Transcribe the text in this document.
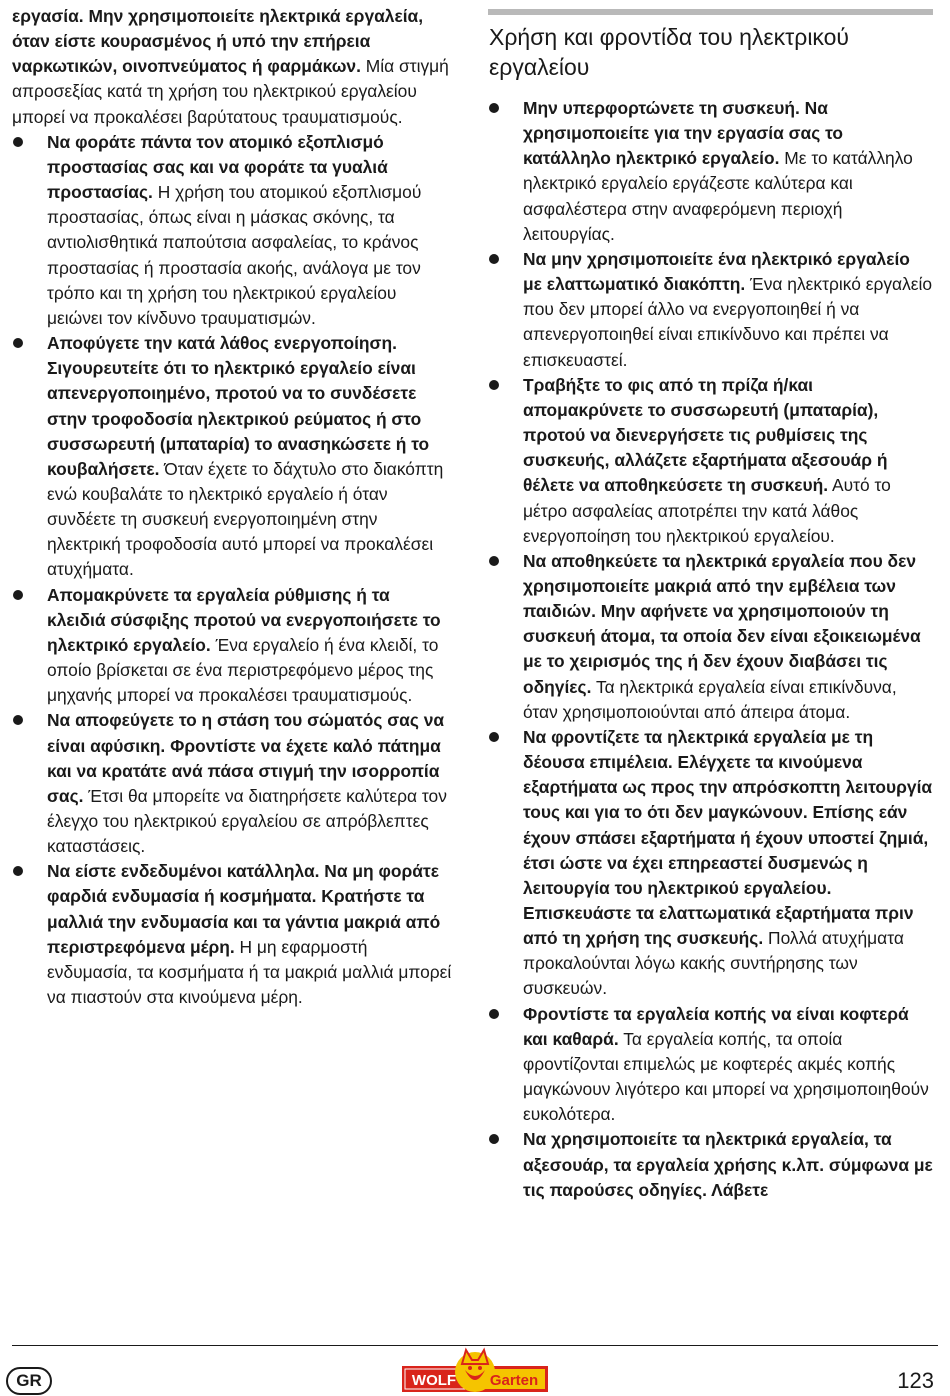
εργασία. Μην χρησιμοποιείτε ηλεκτρικά εργαλεία, όταν είστε κουρασμένος ή υπό την επήρεια ναρκωτικών, οινοπνεύματος ή φαρμάκων. Μία στιγμή απροσεξίας κατά τη χρήση του ηλεκτρικού εργαλείου μπορεί να προκαλέσει βαρύτατους τραυματισμούς.
Να φοράτε πάντα τον ατομικό εξοπλισμό προστασίας σας και να φοράτε τα γυαλιά προστασίας. Η χρήση του ατομικού εξοπλισμού προστασίας, όπως είναι η μάσκας σκόνης, τα αντιολισθητικά παπούτσια ασφαλείας, το κράνος προστασίας ή προστασία ακοής, ανάλογα με τον τρόπο και τη χρήση του ηλεκτρικού εργαλείου μειώνει τον κίνδυνο τραυματισμών.
Αποφύγετε την κατά λάθος ενεργοποίηση. Σιγουρευτείτε ότι το ηλεκτρικό εργαλείο είναι απενεργοποιημένο, προτού να το συνδέσετε στην τροφοδοσία ηλεκτρικού ρεύματος ή στο συσσωρευτή (μπαταρία) το ανασηκώσετε ή το κουβαλήσετε. Όταν έχετε το δάχτυλο στο διακόπτη ενώ κουβαλάτε το ηλεκτρικό εργαλείο ή όταν συνδέετε τη συσκευή ενεργοποιημένη στην ηλεκτρική τροφοδοσία αυτό μπορεί να προκαλέσει ατυχήματα.
Απομακρύνετε τα εργαλεία ρύθμισης ή τα κλειδιά σύσφιξης προτού να ενεργοποιήσετε το ηλεκτρικό εργαλείο. Ένα εργαλείο ή ένα κλειδί, το οποίο βρίσκεται σε ένα περιστρεφόμενο μέρος της μηχανής μπορεί να προκαλέσει τραυματισμούς.
Να αποφεύγετε το η στάση του σώματός σας να είναι αφύσικη. Φροντίστε να έχετε καλό πάτημα και να κρατάτε ανά πάσα στιγμή την ισορροπία σας. Έτσι θα μπορείτε να διατηρήσετε καλύτερα τον έλεγχο του ηλεκτρικού εργαλείου σε απρόβλεπτες καταστάσεις.
Να είστε ενδεδυμένοι κατάλληλα. Να μη φοράτε φαρδιά ενδυμασία ή κοσμήματα. Κρατήστε τα μαλλιά την ενδυμασία και τα γάντια μακριά από περιστρεφόμενα μέρη. Η μη εφαρμοστή ενδυμασία, τα κοσμήματα ή τα μακριά μαλλιά μπορεί να πιαστούν στα κινούμενα μέρη.
Χρήση και φροντίδα του ηλεκτρικού εργαλείου
Μην υπερφορτώνετε τη συσκευή. Να χρησιμοποιείτε για την εργασία σας το κατάλληλο ηλεκτρικό εργαλείο. Με το κατάλληλο ηλεκτρικό εργαλείο εργάζεστε καλύτερα και ασφαλέστερα στην αναφερόμενη περιοχή λειτουργίας.
Να μην χρησιμοποιείτε ένα ηλεκτρικό εργαλείο με ελαττωματικό διακόπτη. Ένα ηλεκτρικό εργαλείο που δεν μπορεί άλλο να ενεργοποιηθεί ή να απενεργοποιηθεί είναι επικίνδυνο και πρέπει να επισκευαστεί.
Τραβήξτε το φις από τη πρίζα ή/και απομακρύνετε το συσσωρευτή (μπαταρία), προτού να διενεργήσετε τις ρυθμίσεις της συσκευής, αλλάζετε εξαρτήματα αξεσουάρ ή θέλετε να αποθηκεύσετε τη συσκευή. Αυτό το μέτρο ασφαλείας αποτρέπει την κατά λάθος ενεργοποίηση του ηλεκτρικού εργαλείου.
Να αποθηκεύετε τα ηλεκτρικά εργαλεία που δεν χρησιμοποιείτε μακριά από την εμβέλεια των παιδιών. Μην αφήνετε να χρησιμοποιούν τη συσκευή άτομα, τα οποία δεν είναι εξοικειωμένα με το χειρισμός της ή δεν έχουν διαβάσει τις οδηγίες. Τα ηλεκτρικά εργαλεία είναι επικίνδυνα, όταν χρησιμοποιούνται από άπειρα άτομα.
Να φροντίζετε τα ηλεκτρικά εργαλεία με τη δέουσα επιμέλεια. Ελέγχετε τα κινούμενα εξαρτήματα ως προς την απρόσκοπτη λειτουργία τους και για το ότι δεν μαγκώνουν. Επίσης εάν έχουν σπάσει εξαρτήματα ή έχουν υποστεί ζημιά, έτσι ώστε να έχει επηρεαστεί δυσμενώς η λειτουργία του ηλεκτρικού εργαλείου. Επισκευάστε τα ελαττωματικά εξαρτήματα πριν από τη χρήση της συσκευής. Πολλά ατυχήματα προκαλούνται λόγω κακής συντήρησης των συσκευών.
Φροντίστε τα εργαλεία κοπής να είναι κοφτερά και καθαρά. Τα εργαλεία κοπής, τα οποία φροντίζονται επιμελώς με κοφτερές ακμές κοπής μαγκώνουν λιγότερο και μπορεί να χρησιμοποιηθούν ευκολότερα.
Να χρησιμοποιείτε τα ηλεκτρικά εργαλεία, τα αξεσουάρ, τα εργαλεία χρήσης κ.λπ. σύμφωνα με τις παρούσες οδηγίες. Λάβετε
GR	WOLF Garten	123
